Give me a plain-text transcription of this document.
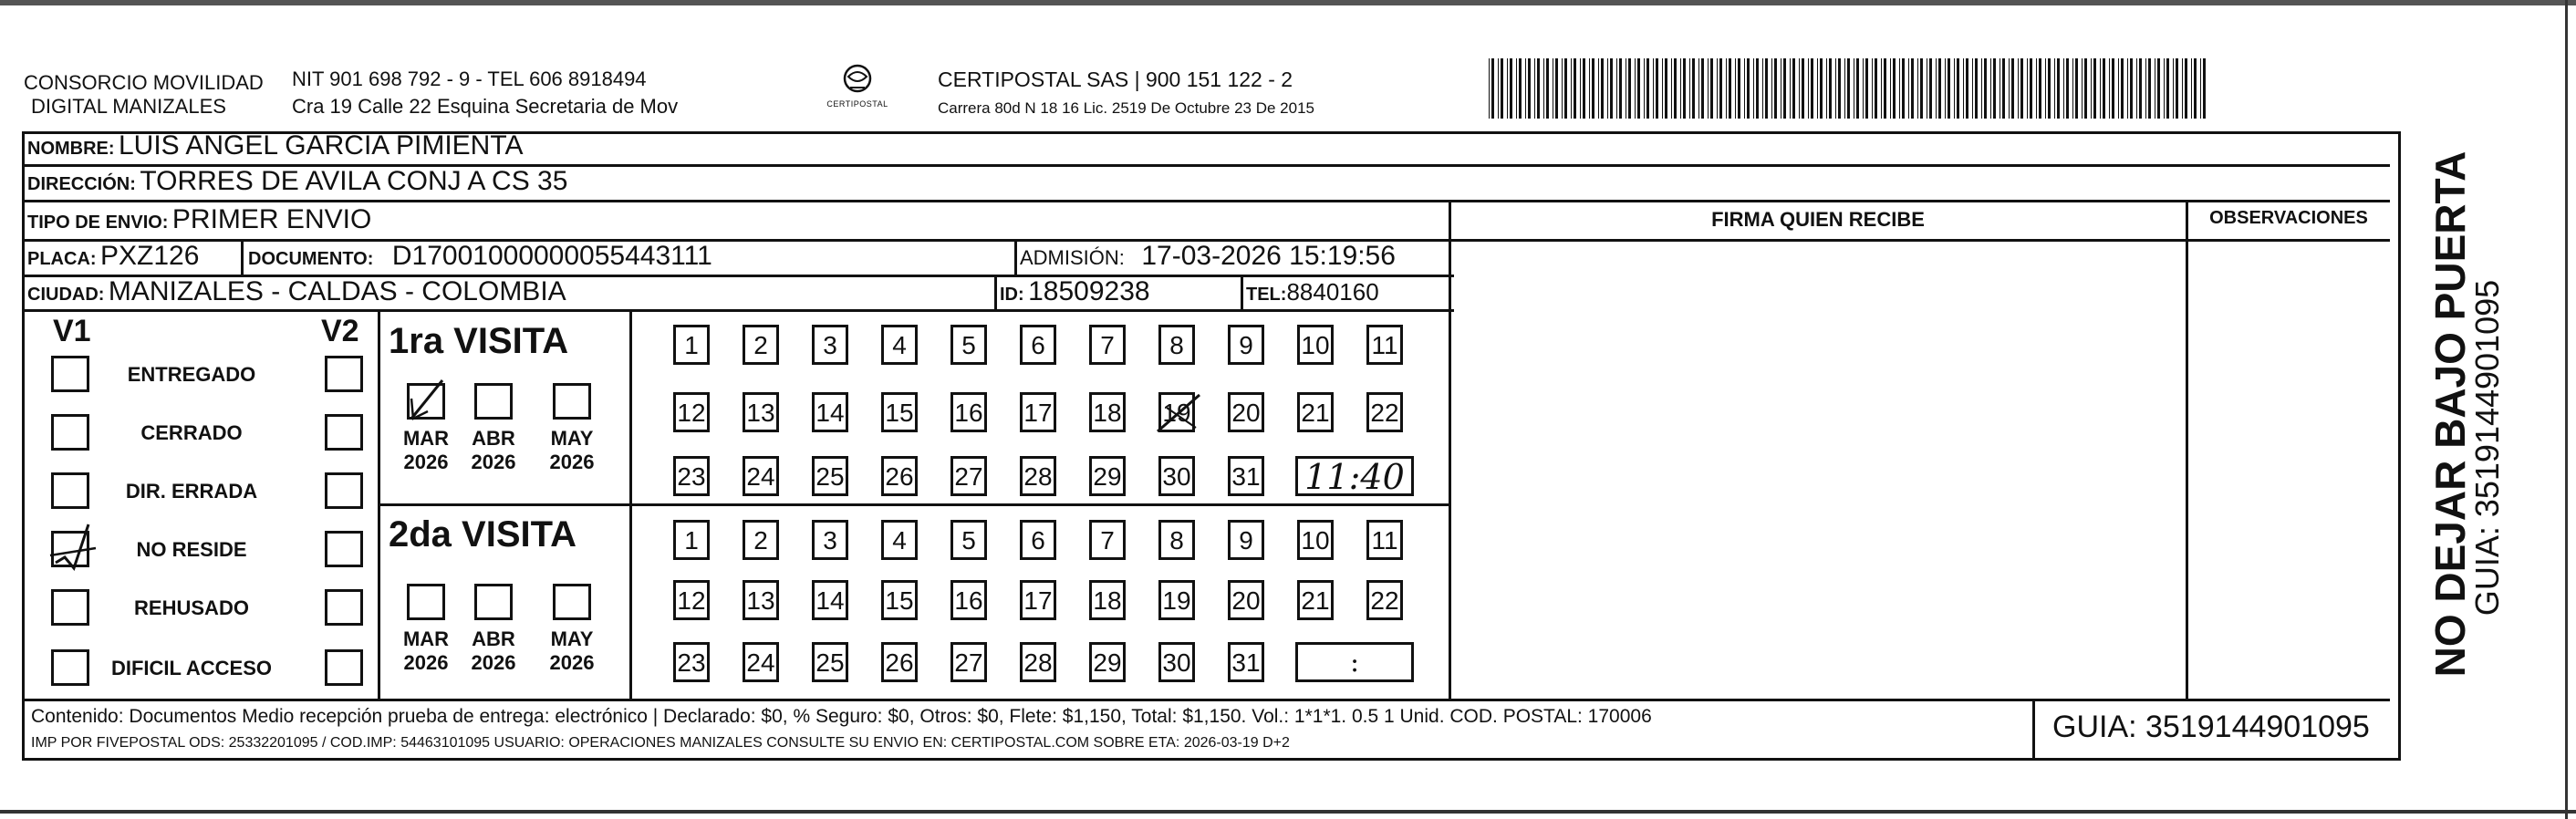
CONSORCIO MOVILIDAD
DIGITAL MANIZALES
NIT 901 698 792 - 9 - TEL 606 8918494
Cra 19 Calle 22 Esquina Secretaria de Mov	CERTIPOSTAL
CERTIPOSTAL SAS | 900 151 122 - 2
Carrera 80d N 18 16 Lic. 2519 De Octubre 23 De 2015
NOMBRE: LUIS ANGEL GARCIA PIMIENTA
DIRECCIÓN: TORRES DE AVILA CONJ A CS 35
TIPO DE ENVIO: PRIMER ENVIO	FIRMA QUIEN RECIBE	OBSERVACIONES
PLACA: PXZ126	DOCUMENTO: D17001000000055443111	ADMISIÓN: 17-03-2026 15:19:56
CIUDAD: MANIZALES - CALDAS - COLOMBIA	ID: 18509238	TEL:8840160
V1	V2
ENTREGADO
CERRADO
DIR. ERRADA
NO RESIDE
REHUSADO
DIFICIL ACCESO
1ra VISITA
2da VISITA
MAR
2026
ABR
2026
MAY
2026
MAR
2026
ABR
2026
MAY
2026
1	2	3	4	5	6	7	8	9	10 11
12 13 14 15 16 17 18 19 20 21 22
23 24 25 26 27 28 29 30 31 11:40
1	2	3	4	5	6	7	8	9	10 11
12 13 14 15 16 17 18 19 20 21 22
23 24 25 26 27 28 29 30 31	:
Contenido: Documentos Medio recepción prueba de entrega: electrónico | Declarado: $0, % Seguro: $0, Otros: $0, Flete: $1,150, Total: $1,150. Vol.: 1*1*1. 0.5 1 Unid. COD. POSTAL: 170006
IMP POR FIVEPOSTAL ODS: 25332201095 / COD.IMP: 54463101095 USUARIO: OPERACIONES MANIZALES CONSULTE SU ENVIO EN: CERTIPOSTAL.COM SOBRE ETA: 2026-03-19 D+2	GUIA: 3519144901095
NO DEJAR BAJO PUERTA
GUIA: 3519144901095
